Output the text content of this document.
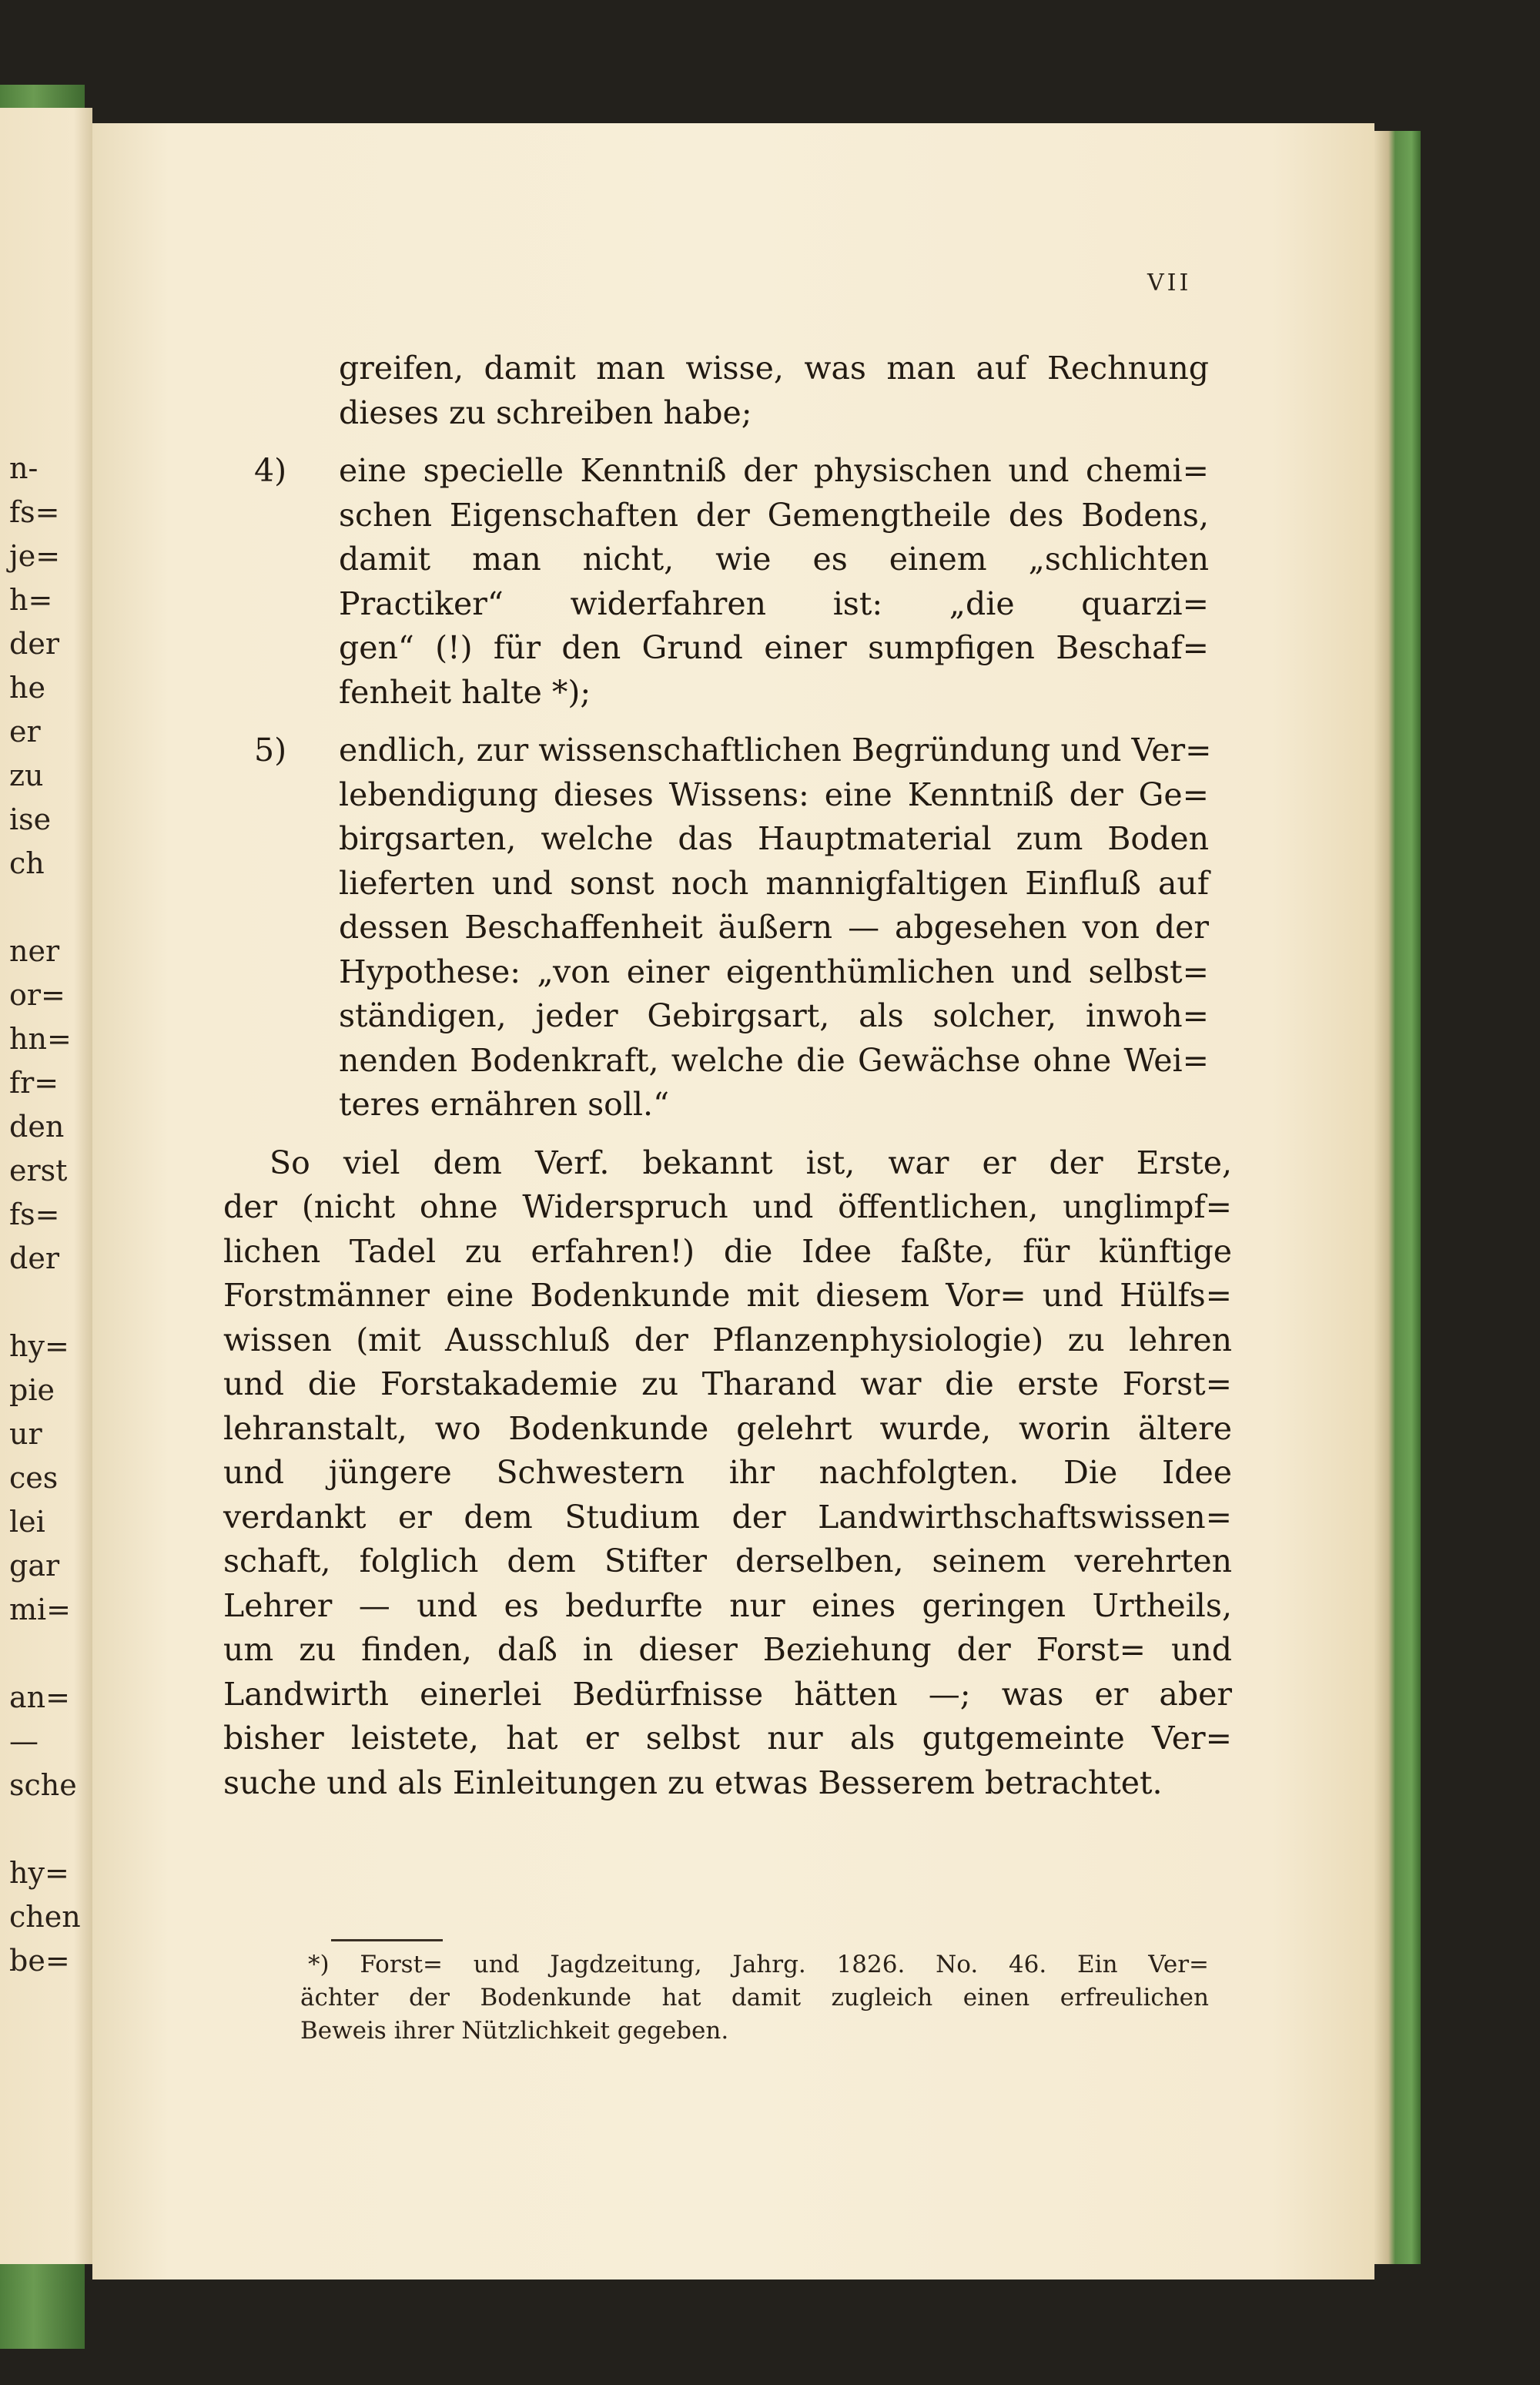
n-
fs=
je=
h=
der
he
er
zu
ise
ch

ner
or=
hn=
fr=
den
erst
fs=
der

hy=
pie
ur
ces
lei
gar
mi=

an=
—
sche

hy=
chen
be=
VII
greifen, damit man wisse, was man auf Rechnung
dieses zu schreiben habe;
4) eine specielle Kenntniß der physischen und chemi=
schen Eigenschaften der Gemengtheile des Bodens,
damit man nicht, wie es einem „schlichten
Practiker“ widerfahren ist: „die quarzi=
gen“ (!) für den Grund einer sumpfigen Beschaf=
fenheit halte *);
5) endlich, zur wissenschaftlichen Begründung und Ver=
lebendigung dieses Wissens: eine Kenntniß der Ge=
birgsarten, welche das Hauptmaterial zum Boden
lieferten und sonst noch mannigfaltigen Einfluß auf
dessen Beschaffenheit äußern — abgesehen von der
Hypothese: „von einer eigenthümlichen und selbst=
ständigen, jeder Gebirgsart, als solcher, inwoh=
nenden Bodenkraft, welche die Gewächse ohne Wei=
teres ernähren soll.“
So viel dem Verf. bekannt ist, war er der Erste,
der (nicht ohne Widerspruch und öffentlichen, unglimpf=
lichen Tadel zu erfahren!) die Idee faßte, für künftige
Forstmänner eine Bodenkunde mit diesem Vor= und Hülfs=
wissen (mit Ausschluß der Pflanzenphysiologie) zu lehren
und die Forstakademie zu Tharand war die erste Forst=
lehranstalt, wo Bodenkunde gelehrt wurde, worin ältere
und jüngere Schwestern ihr nachfolgten. Die Idee
verdankt er dem Studium der Landwirthschaftswissen=
schaft, folglich dem Stifter derselben, seinem verehrten
Lehrer — und es bedurfte nur eines geringen Urtheils,
um zu finden, daß in dieser Beziehung der Forst= und
Landwirth einerlei Bedürfnisse hätten —; was er aber
bisher leistete, hat er selbst nur als gutgemeinte Ver=
suche und als Einleitungen zu etwas Besserem betrachtet.
*) Forst= und Jagdzeitung, Jahrg. 1826. No. 46. Ein Ver=
ächter der Bodenkunde hat damit zugleich einen erfreulichen
Beweis ihrer Nützlichkeit gegeben.
